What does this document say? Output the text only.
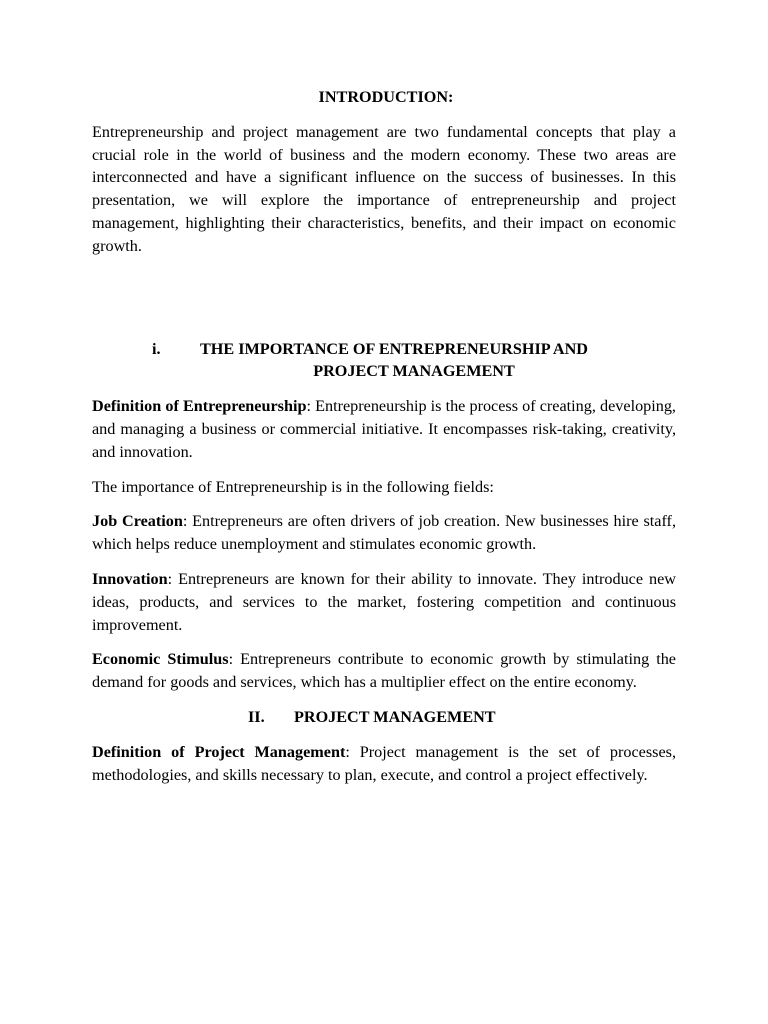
INTRODUCTION:

Entrepreneurship and project management are two fundamental concepts that play a crucial role in the world of business and the modern economy. These two areas are interconnected and have a significant influence on the success of businesses. In this presentation, we will explore the importance of entrepreneurship and project management, highlighting their characteristics, benefits, and their impact on economic growth.

i.	THE IMPORTANCE OF ENTREPRENEURSHIP AND
PROJECT MANAGEMENT

Definition of Entrepreneurship: Entrepreneurship is the process of creating, developing, and managing a business or commercial initiative. It encompasses risk-taking, creativity, and innovation.

The importance of Entrepreneurship is in the following fields:

Job Creation: Entrepreneurs are often drivers of job creation. New businesses hire staff, which helps reduce unemployment and stimulates economic growth.

Innovation: Entrepreneurs are known for their ability to innovate. They introduce new ideas, products, and services to the market, fostering competition and continuous improvement.

Economic Stimulus: Entrepreneurs contribute to economic growth by stimulating the demand for goods and services, which has a multiplier effect on the entire economy.

II. PROJECT MANAGEMENT

Definition of Project Management: Project management is the set of processes, methodologies, and skills necessary to plan, execute, and control a project effectively.
